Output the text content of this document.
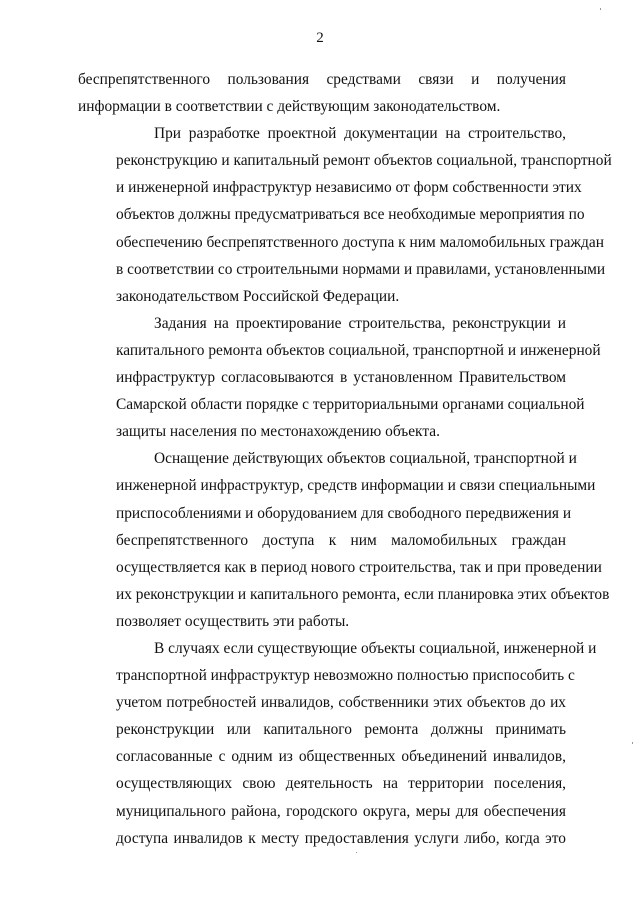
2
беспрепятственного пользования средствами связи и получения
информации в соответствии с действующим законодательством.
При разработке проектной документации на строительство,
реконструкцию и капитальный ремонт объектов социальной, транспортной
и инженерной инфраструктур независимо от форм собственности этих
объектов должны предусматриваться все необходимые мероприятия по
обеспечению беспрепятственного доступа к ним маломобильных граждан
в соответствии со строительными нормами и правилами, установленными
законодательством Российской Федерации.
Задания на проектирование строительства, реконструкции и
капитального ремонта объектов социальной, транспортной и инженерной
инфраструктур согласовываются в установленном Правительством
Самарской области порядке с территориальными органами социальной
защиты населения по местонахождению объекта.
Оснащение действующих объектов социальной, транспортной и
инженерной инфраструктур, средств информации и связи специальными
приспособлениями и оборудованием для свободного передвижения и
беспрепятственного доступа к ним маломобильных граждан
осуществляется как в период нового строительства, так и при проведении
их реконструкции и капитального ремонта, если планировка этих объектов
позволяет осуществить эти работы.
В случаях если существующие объекты социальной, инженерной и
транспортной инфраструктур невозможно полностью приспособить с
учетом потребностей инвалидов, собственники этих объектов до их
реконструкции или капитального ремонта должны принимать
согласованные с одним из общественных объединений инвалидов,
осуществляющих свою деятельность на территории поселения,
муниципального района, городского округа, меры для обеспечения
доступа инвалидов к месту предоставления услуги либо, когда это
